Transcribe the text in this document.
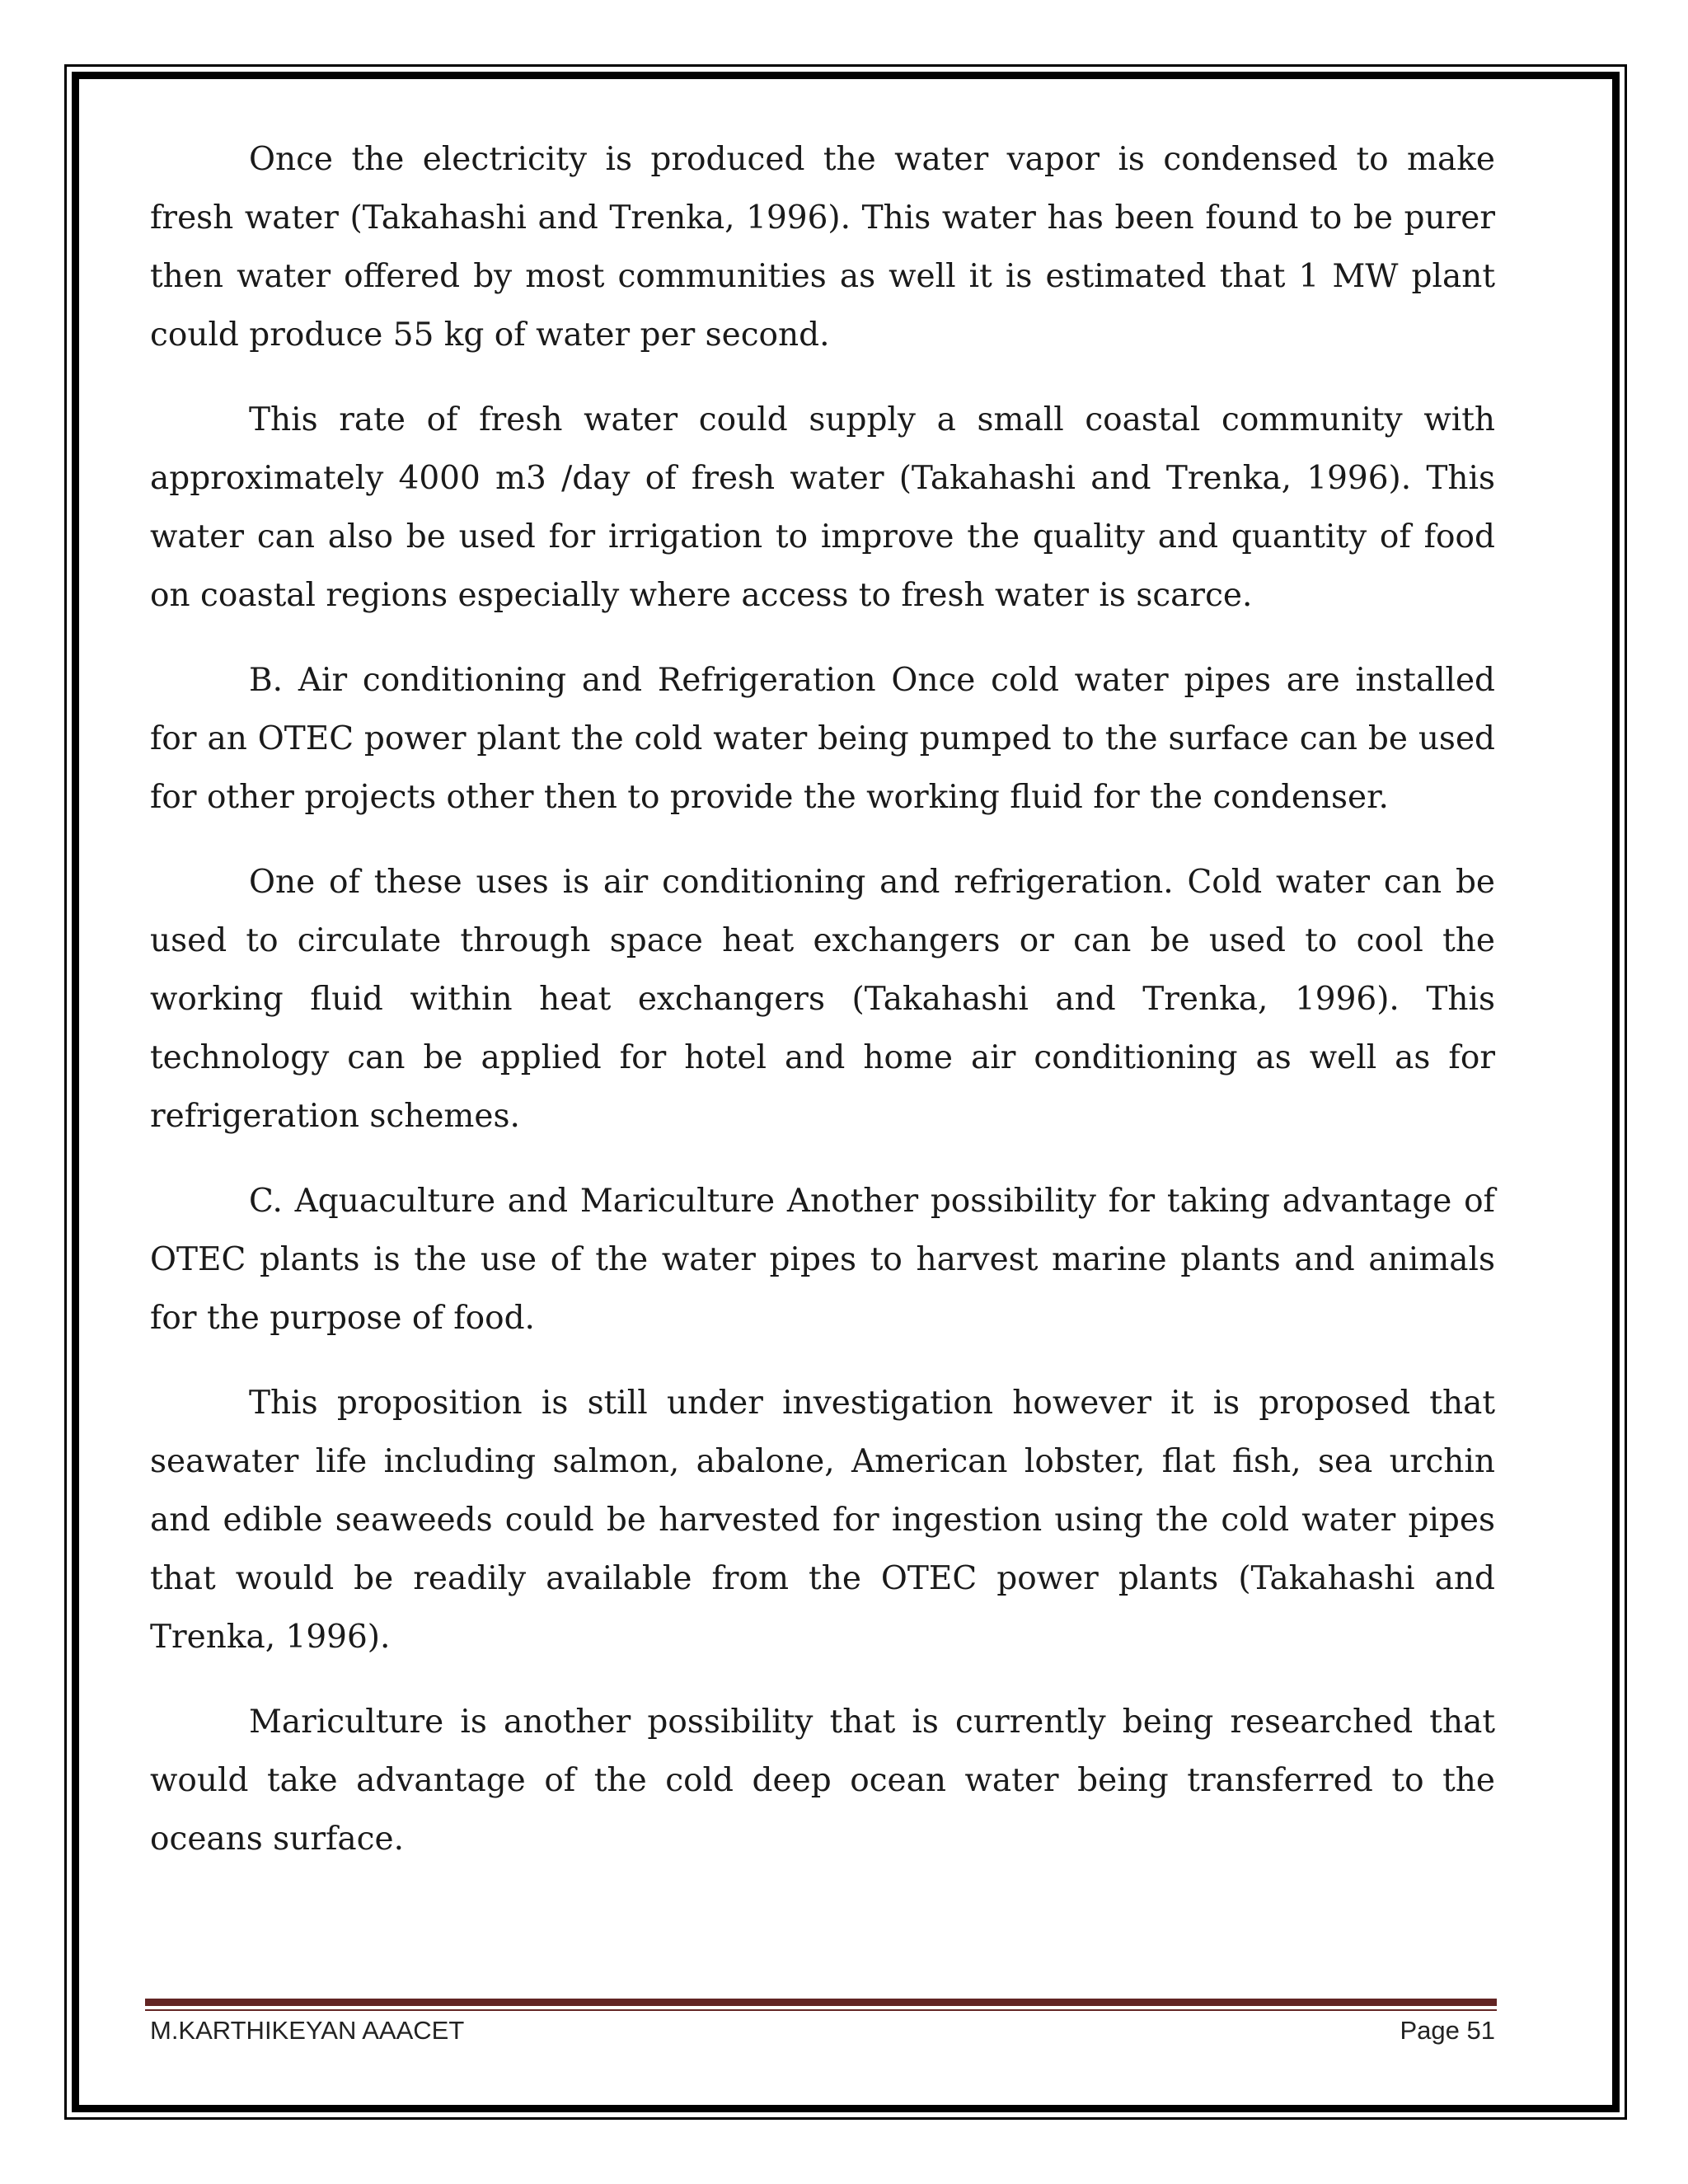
Once the electricity is produced the water vapor is condensed to make fresh water (Takahashi and Trenka, 1996). This water has been found to be purer then water offered by most communities as well it is estimated that 1 MW plant could produce 55 kg of water per second.

This rate of fresh water could supply a small coastal community with approximately 4000 m3 /day of fresh water (Takahashi and Trenka, 1996). This water can also be used for irrigation to improve the quality and quantity of food on coastal regions especially where access to fresh water is scarce.

B. Air conditioning and Refrigeration Once cold water pipes are installed for an OTEC power plant the cold water being pumped to the surface can be used for other projects other then to provide the working fluid for the condenser.

One of these uses is air conditioning and refrigeration. Cold water can be used to circulate through space heat exchangers or can be used to cool the working fluid within heat exchangers (Takahashi and Trenka, 1996). This technology can be applied for hotel and home air conditioning as well as for refrigeration schemes.

C. Aquaculture and Mariculture Another possibility for taking advantage of OTEC plants is the use of the water pipes to harvest marine plants and animals for the purpose of food.

This proposition is still under investigation however it is proposed that seawater life including salmon, abalone, American lobster, flat fish, sea urchin and edible seaweeds could be harvested for ingestion using the cold water pipes that would be readily available from the OTEC power plants (Takahashi and Trenka, 1996).

Mariculture is another possibility that is currently being researched that would take advantage of the cold deep ocean water being transferred to the oceans surface.

M.KARTHIKEYAN AAACET	Page 51
